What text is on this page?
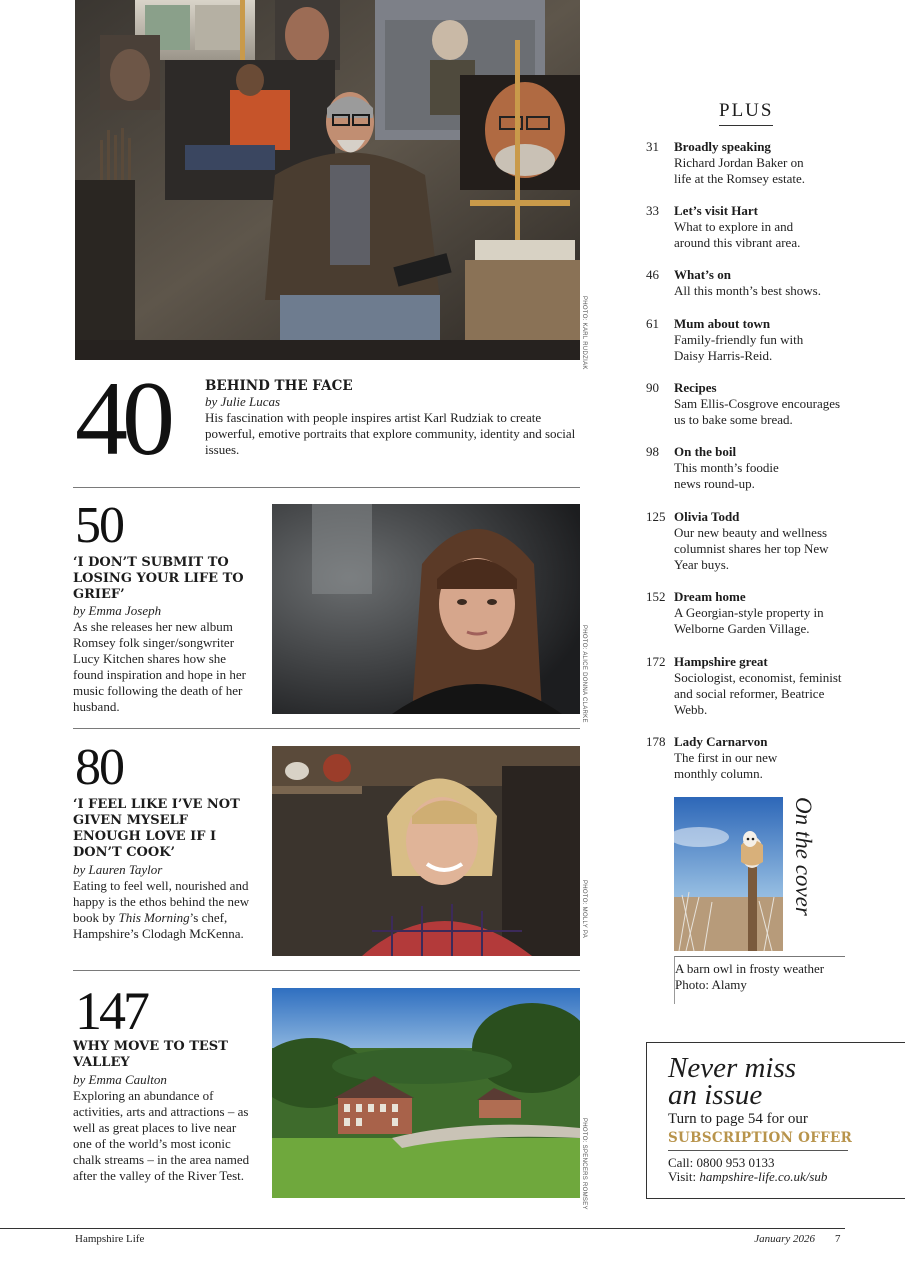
PHOTO: KARL RUDZIAK
40	BEHIND THE FACE
by Julie Lucas
His fascination with people inspires artist Karl Rudziak to create powerful, emotive portraits that explore community, identity and social issues.
50
‘I DON’T SUBMIT TO LOSING YOUR LIFE TO GRIEF’
by Emma Joseph
As she releases her new album Romsey folk singer/songwriter Lucy Kitchen shares how she found inspiration and hope in her music following the death of her husband.	PHOTO: ALICE DONNA CLARKE
80
‘I FEEL LIKE I’VE NOT GIVEN MYSELF ENOUGH LOVE IF I DON’T COOK’
by Lauren Taylor
Eating to feel well, nourished and happy is the ethos behind the new book by This Morning’s chef, Hampshire’s Clodagh McKenna.	PHOTO: MOLLY PA
147
WHY MOVE TO TEST VALLEY
by Emma Caulton
Exploring an abundance of activities, arts and attractions – as well as great places to live near one of the world’s most iconic chalk streams – in the area named after the valley of the River Test.	PHOTO: SPENCERS ROMSEY
PLUS
31 Broadly speaking
Richard Jordan Baker on life at the Romsey estate.
33 Let’s visit Hart
What to explore in and around this vibrant area.
46 What’s on
All this month’s best shows.
61 Mum about town
Family-friendly fun with Daisy Harris-Reid.
90 Recipes
Sam Ellis-Cosgrove encourages us to bake some bread.
98 On the boil
This month’s foodie news round-up.
125 Olivia Todd
Our new beauty and wellness columnist shares her top New Year buys.
152 Dream home
A Georgian-style property in Welborne Garden Village.
172 Hampshire great
Sociologist, economist, feminist and social reformer, Beatrice Webb.
178 Lady Carnarvon
The first in our new monthly column.
On the cover
A barn owl in frosty weather
Photo: Alamy
Never miss
an issue
Turn to page 54 for our
SUBSCRIPTION OFFER
Call: 0800 953 0133
Visit: hampshire-life.co.uk/sub
Hampshire Life	January 2026 7
